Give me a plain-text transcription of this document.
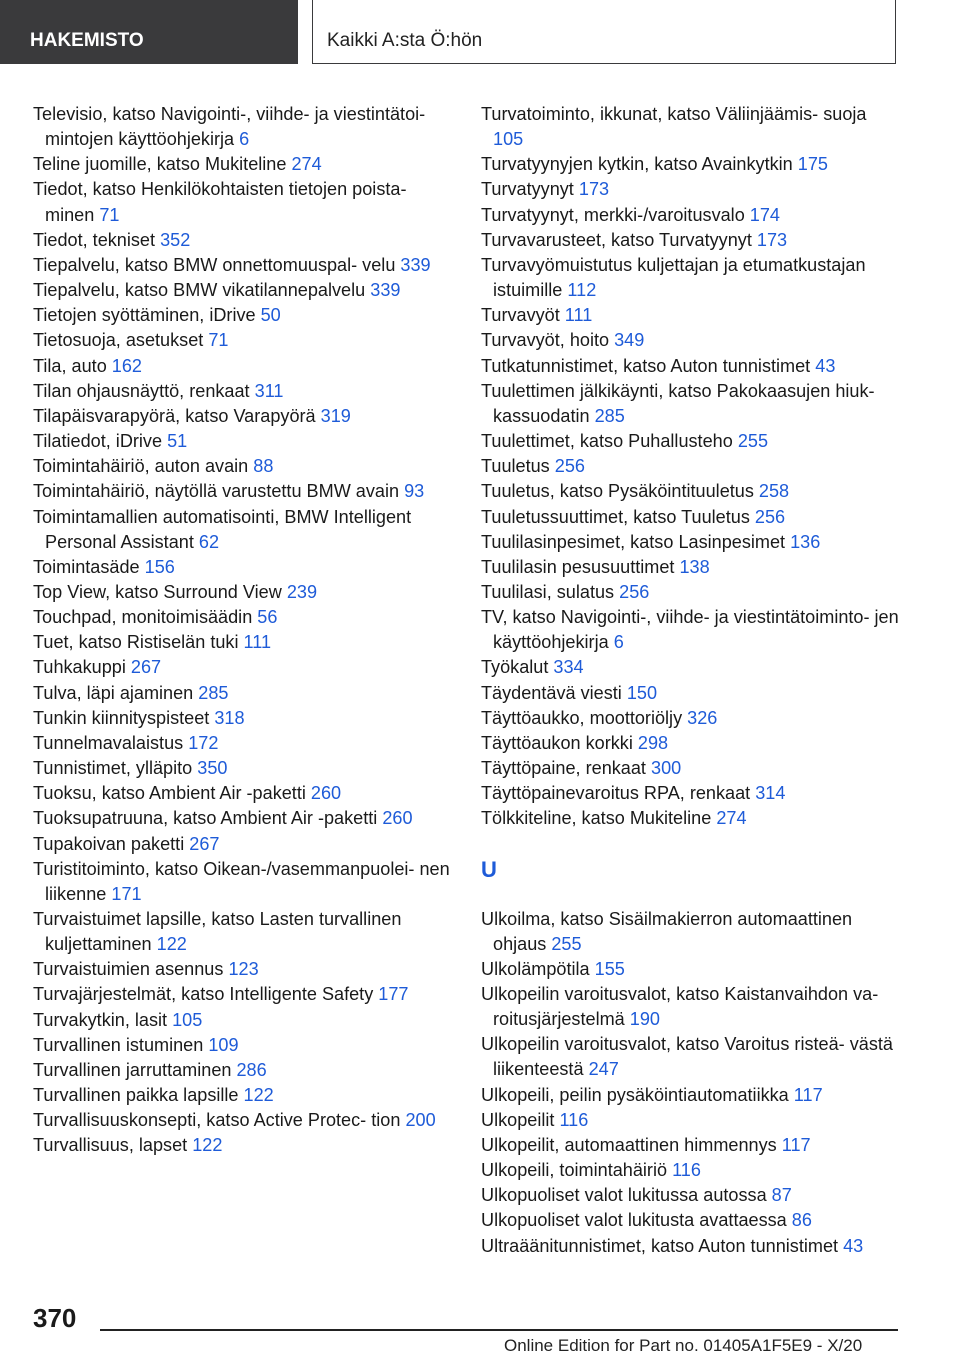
HAKEMISTO	Kaikki A:sta Ö:hön
Televisio, katso Navigointi-, viihde- ja viestintätoi‐ mintojen käyttöohjekirja 6
Teline juomille, katso Mukiteline 274
Tiedot, katso Henkilökohtaisten tietojen poista‐ minen 71
Tiedot, tekniset 352
Tiepalvelu, katso BMW onnettomuuspal‐ velu 339
Tiepalvelu, katso BMW vikatilannepalvelu 339
Tietojen syöttäminen, iDrive 50
Tietosuoja, asetukset 71
Tila, auto 162
Tilan ohjausnäyttö, renkaat 311
Tilapäisvarapyörä, katso Varapyörä 319
Tilatiedot, iDrive 51
Toimintahäiriö, auton avain 88
Toimintahäiriö, näytöllä varustettu BMW avain 93
Toimintamallien automatisointi, BMW Intelligent Personal Assistant 62
Toimintasäde 156
Top View, katso Surround View 239
Touchpad, monitoimisäädin 56
Tuet, katso Ristiselän tuki 111
Tuhkakuppi 267
Tulva, läpi ajaminen 285
Tunkin kiinnityspisteet 318
Tunnelmavalaistus 172
Tunnistimet, ylläpito 350
Tuoksu, katso Ambient Air -paketti 260
Tuoksupatruuna, katso Ambient Air -paketti 260
Tupakoivan paketti 267
Turistitoiminto, katso Oikean-/vasemmanpuolei‐ nen liikenne 171
Turvaistuimet lapsille, katso Lasten turvallinen kuljettaminen 122
Turvaistuimien asennus 123
Turvajärjestelmät, katso Intelligente Safety 177
Turvakytkin, lasit 105
Turvallinen istuminen 109
Turvallinen jarruttaminen 286
Turvallinen paikka lapsille 122
Turvallisuuskonsepti, katso Active Protec‐ tion 200
Turvallisuus, lapset 122
Turvatoiminto, ikkunat, katso Väliinjäämis‐ suoja 105
Turvatyynyjen kytkin, katso Avainkytkin 175
Turvatyynyt 173
Turvatyynyt, merkki-/varoitusvalo 174
Turvavarusteet, katso Turvatyynyt 173
Turvavyömuistutus kuljettajan ja etumatkustajan istuimille 112
Turvavyöt 111
Turvavyöt, hoito 349
Tutkatunnistimet, katso Auton tunnistimet 43
Tuulettimen jälkikäynti, katso Pakokaasujen hiuk‐ kassuodatin 285
Tuulettimet, katso Puhallusteho 255
Tuuletus 256
Tuuletus, katso Pysäköintituuletus 258
Tuuletussuuttimet, katso Tuuletus 256
Tuulilasinpesimet, katso Lasinpesimet 136
Tuulilasin pesusuuttimet 138
Tuulilasi, sulatus 256
TV, katso Navigointi-, viihde- ja viestintätoiminto‐ jen käyttöohjekirja 6
Työkalut 334
Täydentävä viesti 150
Täyttöaukko, moottoriöljy 326
Täyttöaukon korkki 298
Täyttöpaine, renkaat 300
Täyttöpainevaroitus RPA, renkaat 314
Tölkkiteline, katso Mukiteline 274
U
Ulkoilma, katso Sisäilmakierron automaattinen ohjaus 255
Ulkolämpötila 155
Ulkopeilin varoitusvalot, katso Kaistanvaihdon va‐ roitusjärjestelmä 190
Ulkopeilin varoitusvalot, katso Varoitus risteä‐ västä liikenteestä 247
Ulkopeili, peilin pysäköintiautomatiikka 117
Ulkopeilit 116
Ulkopeilit, automaattinen himmennys 117
Ulkopeili, toimintahäiriö 116
Ulkopuoliset valot lukitussa autossa 87
Ulkopuoliset valot lukitusta avattaessa 86
Ultraäänitunnistimet, katso Auton tunnistimet 43
370
Online Edition for Part no. 01405A1F5E9 - X/20
